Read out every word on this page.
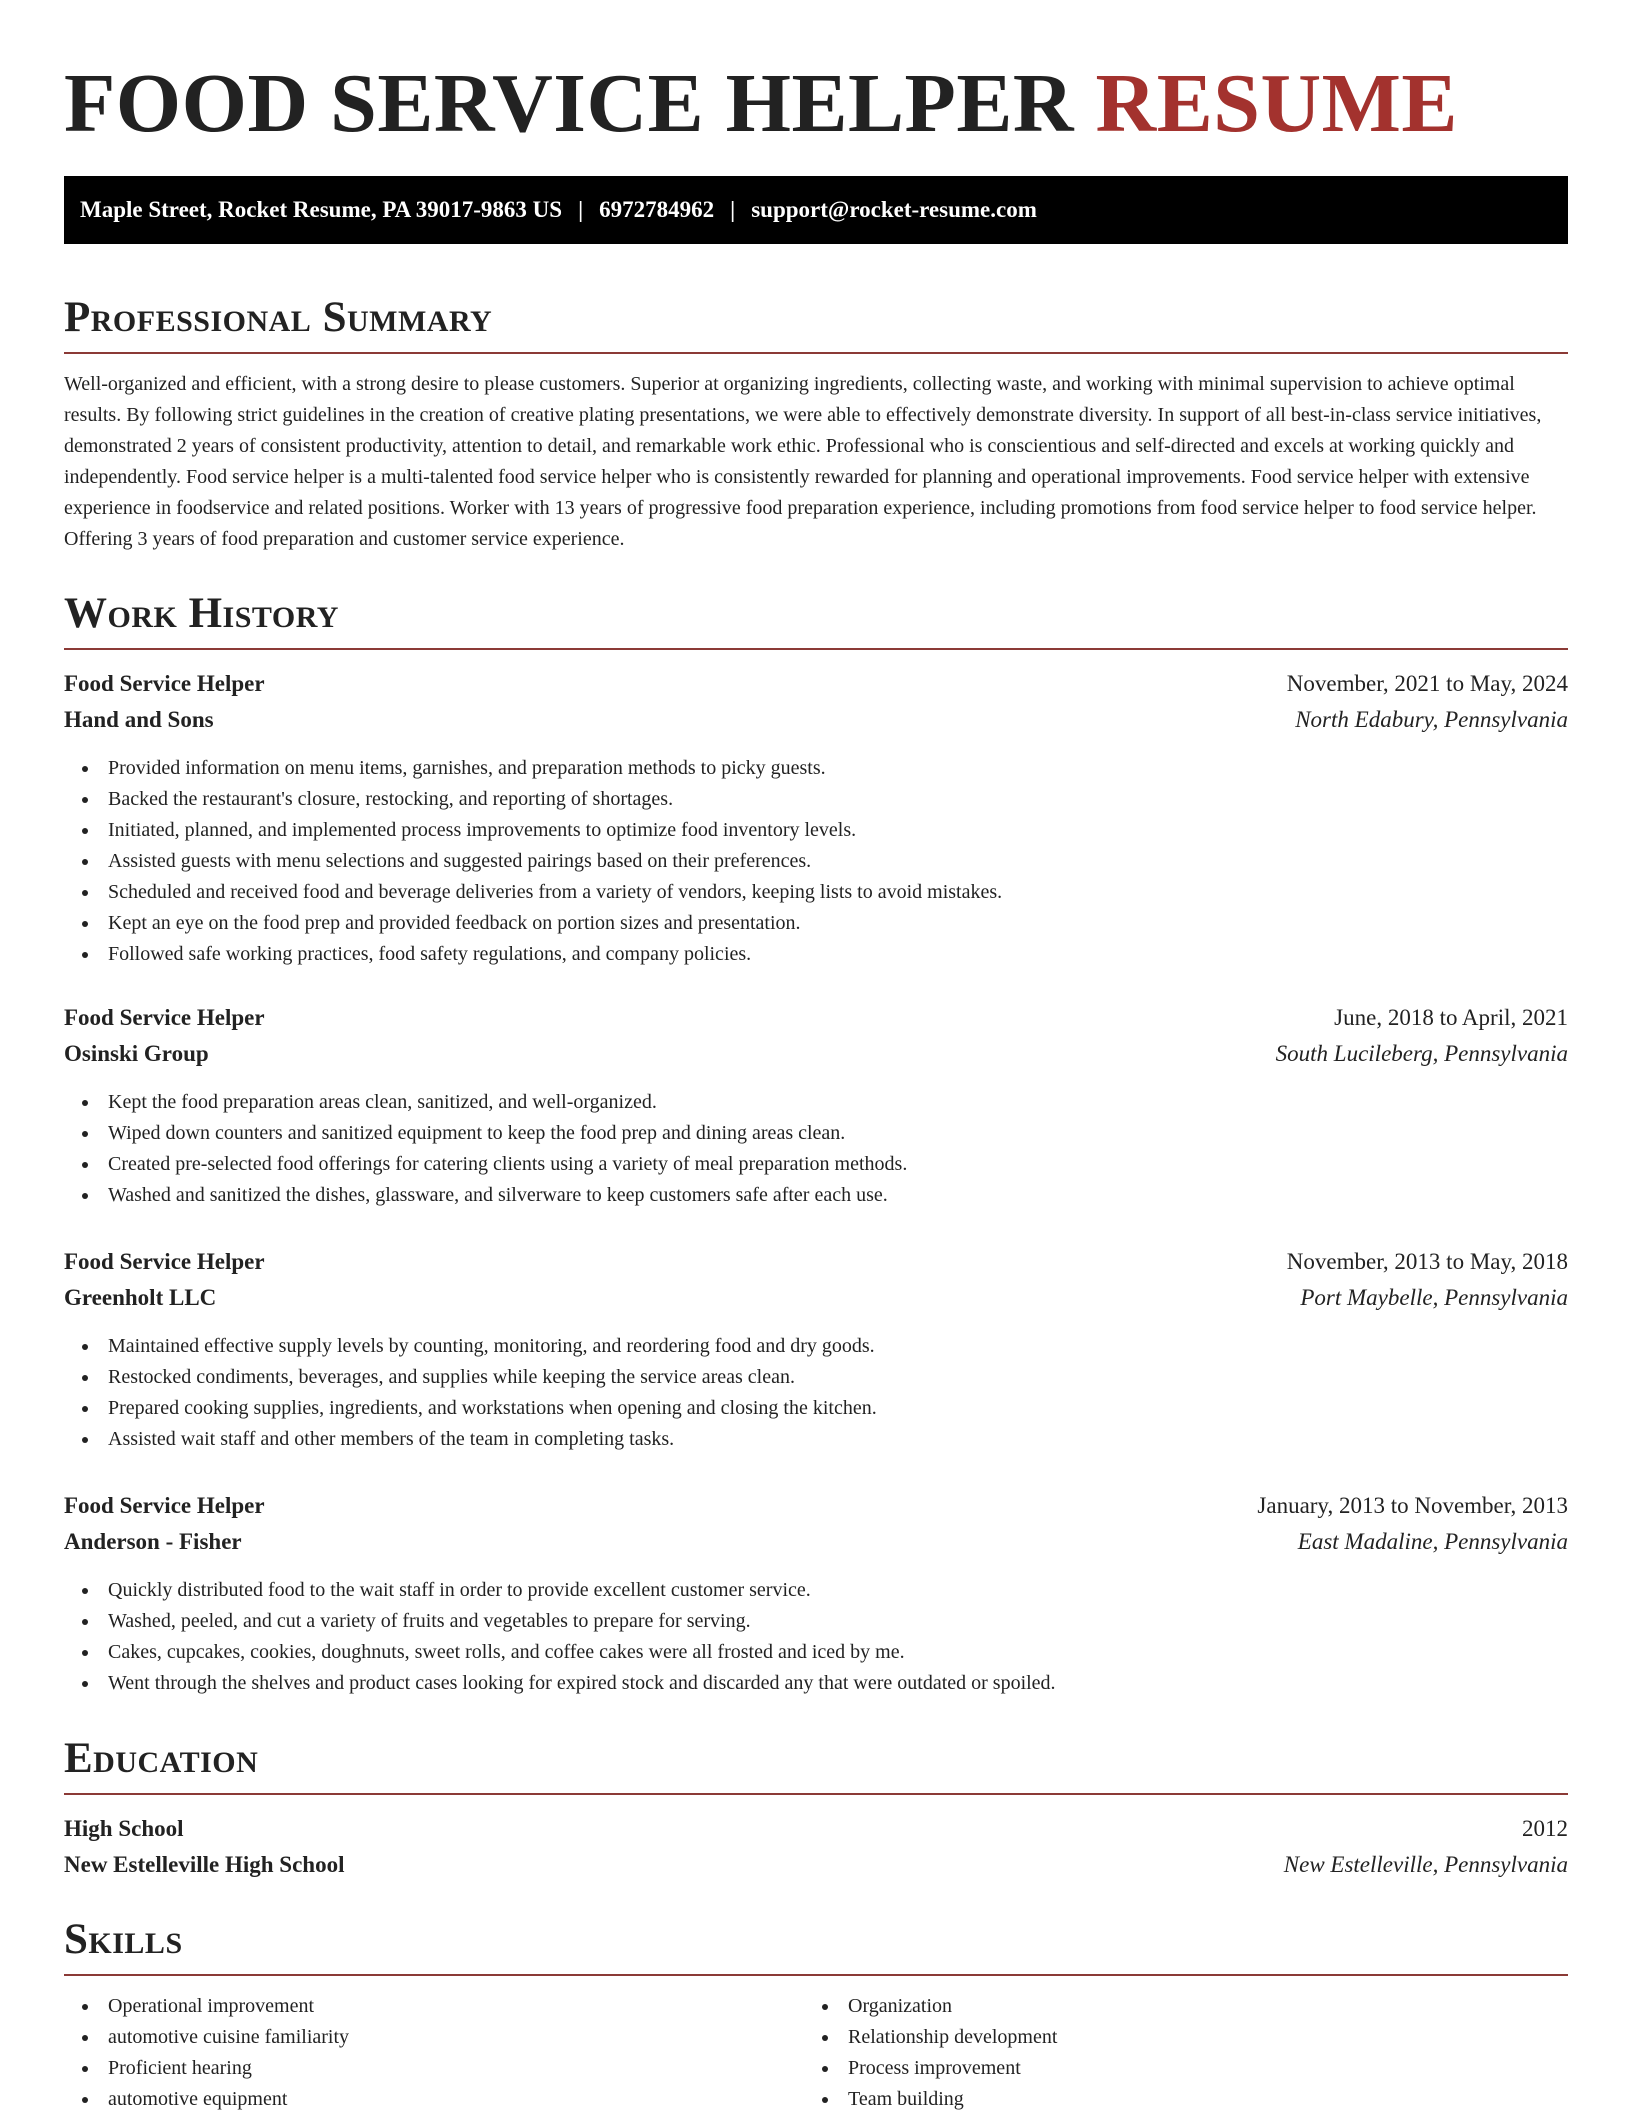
FOOD SERVICE HELPER RESUME
Maple Street, Rocket Resume, PA 39017-9863 US | 6972784962 | support@rocket-resume.com
Professional Summary

Well-organized and efficient, with a strong desire to please customers. Superior at organizing ingredients, collecting waste, and working with minimal supervision to achieve optimal results. By following strict guidelines in the creation of creative plating presentations, we were able to effectively demonstrate diversity. In support of all best-in-class service initiatives, demonstrated 2 years of consistent productivity, attention to detail, and remarkable work ethic. Professional who is conscientious and self-directed and excels at working quickly and independently. Food service helper is a multi-talented food service helper who is consistently rewarded for planning and operational improvements. Food service helper with extensive experience in foodservice and related positions. Worker with 13 years of progressive food preparation experience, including promotions from food service helper to food service helper. Offering 3 years of food preparation and customer service experience.

Work History
Food Service Helper	November, 2021 to May, 2024
Hand and Sons	North Edabury, Pennsylvania
Provided information on menu items, garnishes, and preparation methods to picky guests.
Backed the restaurant's closure, restocking, and reporting of shortages.
Initiated, planned, and implemented process improvements to optimize food inventory levels.
Assisted guests with menu selections and suggested pairings based on their preferences.
Scheduled and received food and beverage deliveries from a variety of vendors, keeping lists to avoid mistakes.
Kept an eye on the food prep and provided feedback on portion sizes and presentation.
Followed safe working practices, food safety regulations, and company policies.
Food Service Helper	June, 2018 to April, 2021
Osinski Group	South Lucileberg, Pennsylvania
Kept the food preparation areas clean, sanitized, and well-organized.
Wiped down counters and sanitized equipment to keep the food prep and dining areas clean.
Created pre-selected food offerings for catering clients using a variety of meal preparation methods.
Washed and sanitized the dishes, glassware, and silverware to keep customers safe after each use.
Food Service Helper	November, 2013 to May, 2018
Greenholt LLC	Port Maybelle, Pennsylvania
Maintained effective supply levels by counting, monitoring, and reordering food and dry goods.
Restocked condiments, beverages, and supplies while keeping the service areas clean.
Prepared cooking supplies, ingredients, and workstations when opening and closing the kitchen.
Assisted wait staff and other members of the team in completing tasks.
Food Service Helper	January, 2013 to November, 2013
Anderson - Fisher	East Madaline, Pennsylvania
Quickly distributed food to the wait staff in order to provide excellent customer service.
Washed, peeled, and cut a variety of fruits and vegetables to prepare for serving.
Cakes, cupcakes, cookies, doughnuts, sweet rolls, and coffee cakes were all frosted and iced by me.
Went through the shelves and product cases looking for expired stock and discarded any that were outdated or spoiled.
Education
High School	2012
New Estelleville High School	New Estelleville, Pennsylvania
Skills
Operational improvement
automotive cuisine familiarity
Proficient hearing
automotive equipment
Organization
Relationship development
Process improvement
Team building
